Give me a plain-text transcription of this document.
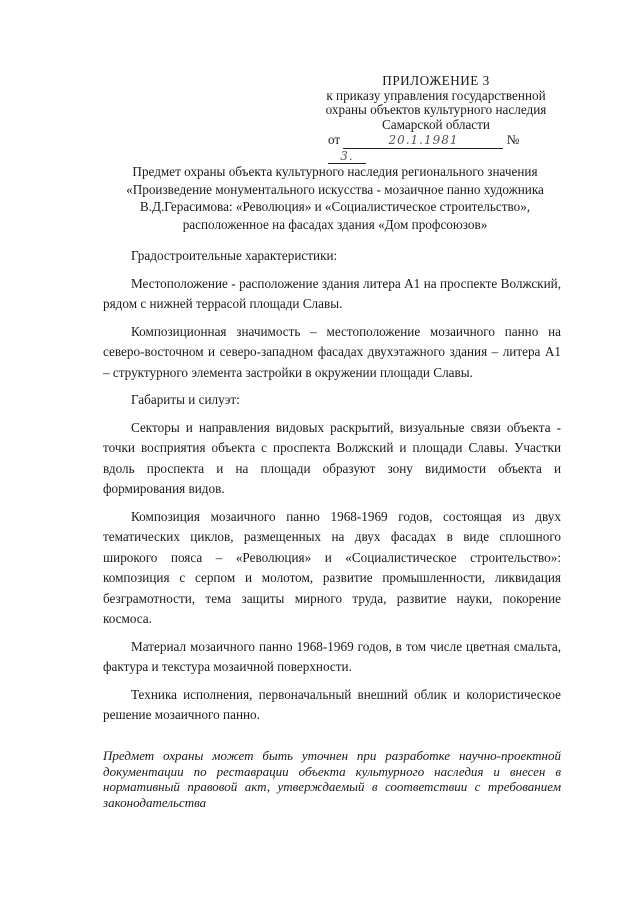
ПРИЛОЖЕНИЕ 3
к приказу управления государственной
охраны объектов культурного наследия
Самарской области
от	20.1.1981	№3.
Предмет охраны объекта культурного наследия регионального значения
«Произведение монументального искусства - мозаичное панно художника
В.Д.Герасимова: «Революция» и «Социалистическое строительство»,
расположенное на фасадах здания «Дом профсоюзов»

Градостроительные характеристики:

Местоположение - расположение здания литера А1 на проспекте Волжский, рядом с нижней террасой площади Славы.

Композиционная значимость – местоположение мозаичного панно на северо-восточном и северо-западном фасадах двухэтажного здания – литера А1 – структурного элемента застройки в окружении площади Славы.

Габариты и силуэт:

Секторы и направления видовых раскрытий, визуальные связи объекта - точки восприятия объекта с проспекта Волжский и площади Славы. Участки вдоль проспекта и на площади образуют зону видимости объекта и формирования видов.

Композиция мозаичного панно 1968-1969 годов, состоящая из двух тематических циклов, размещенных на двух фасадах в виде сплошного широкого пояса – «Революция» и «Социалистическое строительство»: композиция с серпом и молотом, развитие промышленности, ликвидация безграмотности, тема защиты мирного труда, развитие науки, покорение космоса.

Материал мозаичного панно 1968-1969 годов, в том числе цветная смальта, фактура и текстура мозаичной поверхности.

Техника исполнения, первоначальный внешний облик и колористическое решение мозаичного панно.

Предмет охраны может быть уточнен при разработке научно-проектной документации по реставрации объекта культурного наследия и внесен в нормативный правовой акт, утверждаемый в соответствии с требованием законодательства
